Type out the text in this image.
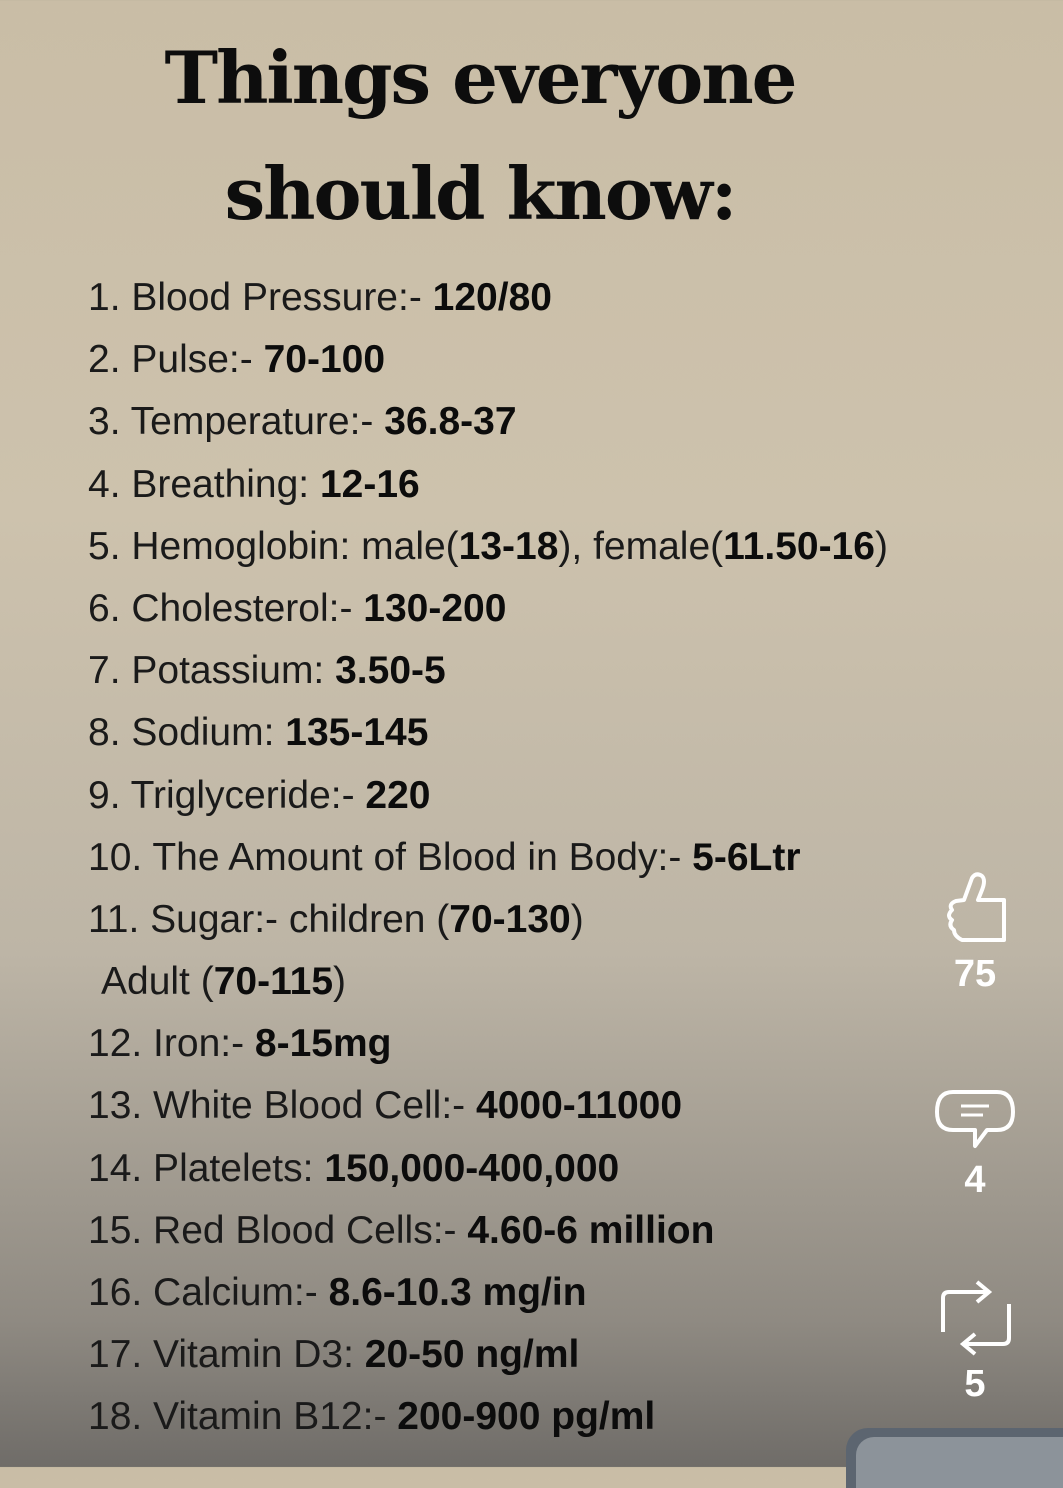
Things everyone
should know:
1. Blood Pressure:- 120/80
2. Pulse:- 70-100
3. Temperature:- 36.8-37
4. Breathing: 12-16
5. Hemoglobin: male(13-18), female(11.50-16)
6. Cholesterol:- 130-200
7. Potassium: 3.50-5
8. Sodium: 135-145
9. Triglyceride:- 220
10. The Amount of Blood in Body:- 5-6Ltr
11. Sugar:- children (70-130)
Adult (70-115)
12. Iron:- 8-15mg
13. White Blood Cell:- 4000-11000
14. Platelets: 150,000-400,000
15. Red Blood Cells:- 4.60-6 million
16. Calcium:- 8.6-10.3 mg/in
17. Vitamin D3: 20-50 ng/ml
18. Vitamin B12:- 200-900 pg/ml
75
4
5
